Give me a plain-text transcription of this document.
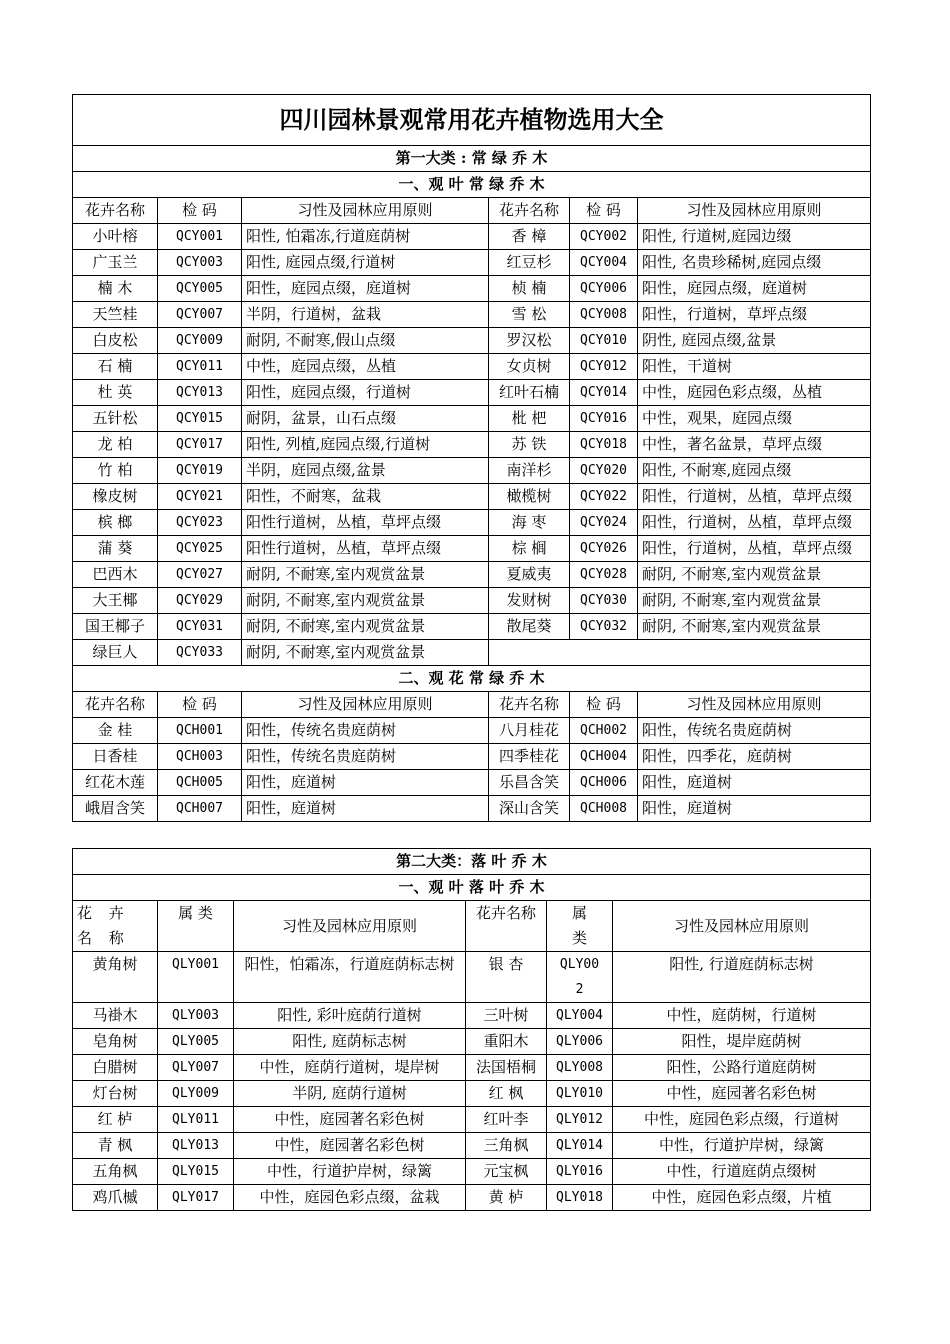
四川园林景观常用花卉植物选用大全					
第一大类 : 常 绿 乔 木					
一、观 叶 常 绿 乔 木					
花卉名称	检 码	习性及园林应用原则	花卉名称	检 码	习性及园林应用原则
小叶榕	QCY001	阳性, 怕霜冻,行道庭荫树	香 樟	QCY002	阳性, 行道树,庭园边缀
广玉兰	QCY003	阳性, 庭园点缀,行道树	红豆杉	QCY004	阳性, 名贵珍稀树,庭园点缀
楠 木	QCY005	阳性，庭园点缀，庭道树	桢 楠	QCY006	阳性，庭园点缀，庭道树
天竺桂	QCY007	半阴，行道树，盆栽	雪 松	QCY008	阳性，行道树，草坪点缀
白皮松	QCY009	耐阴, 不耐寒,假山点缀	罗汉松	QCY010	阴性, 庭园点缀,盆景
石 楠	QCY011	中性，庭园点缀，丛植	女贞树	QCY012	阳性，干道树
杜 英	QCY013	阳性，庭园点缀，行道树	红叶石楠	QCY014	中性，庭园色彩点缀，丛植
五针松	QCY015	耐阴，盆景，山石点缀	枇 杷	QCY016	中性，观果，庭园点缀
龙 柏	QCY017	阳性, 列植,庭园点缀,行道树	苏 铁	QCY018	中性，著名盆景，草坪点缀
竹 柏	QCY019	半阴，庭园点缀,盆景	南洋杉	QCY020	阳性, 不耐寒,庭园点缀
橡皮树	QCY021	阳性，不耐寒，盆栽	橄榄树	QCY022	阳性，行道树，丛植，草坪点缀
槟 榔	QCY023	阳性行道树，丛植，草坪点缀	海 枣	QCY024	阳性，行道树，丛植，草坪点缀
蒲 葵	QCY025	阳性行道树，丛植，草坪点缀	棕 榈	QCY026	阳性，行道树，丛植，草坪点缀
巴西木	QCY027	耐阴, 不耐寒,室内观赏盆景	夏威夷	QCY028	耐阴, 不耐寒,室内观赏盆景
大王椰	QCY029	耐阴, 不耐寒,室内观赏盆景	发财树	QCY030	耐阴, 不耐寒,室内观赏盆景
国王椰子	QCY031	耐阴, 不耐寒,室内观赏盆景	散尾葵	QCY032	耐阴, 不耐寒,室内观赏盆景
绿巨人	QCY033	耐阴, 不耐寒,室内观赏盆景			
二、观 花 常 绿 乔 木					
花卉名称	检 码	习性及园林应用原则	花卉名称	检 码	习性及园林应用原则
金 桂	QCH001	阳性，传统名贵庭荫树	八月桂花	QCH002	阳性，传统名贵庭荫树
日香桂	QCH003	阳性，传统名贵庭荫树	四季桂花	QCH004	阳性，四季花，庭荫树
红花木莲	QCH005	阳性，庭道树	乐昌含笑	QCH006	阳性，庭道树
峨眉含笑	QCH007	阳性，庭道树	深山含笑	QCH008	阳性，庭道树
第二大类：落 叶 乔 木					
一、观 叶 落 叶 乔 木					
花 卉 名 称	属 类	习性及园林应用原则	花卉名称	属 类	习性及园林应用原则
黄角树	QLY001	阳性，怕霜冻，行道庭荫标志树	银 杏	QLY002	阳性, 行道庭荫标志树
马褂木	QLY003	阳性, 彩叶庭荫行道树	三叶树	QLY004	中性，庭荫树，行道树
皂角树	QLY005	阳性, 庭荫标志树	重阳木	QLY006	阳性，堤岸庭荫树
白腊树	QLY007	中性，庭荫行道树，堤岸树	法国梧桐	QLY008	阳性，公路行道庭荫树
灯台树	QLY009	半阴, 庭荫行道树	红 枫	QLY010	中性，庭园著名彩色树
红 栌	QLY011	中性，庭园著名彩色树	红叶李	QLY012	中性，庭园色彩点缀，行道树
青 枫	QLY013	中性，庭园著名彩色树	三角枫	QLY014	中性，行道护岸树，绿篱
五角枫	QLY015	中性，行道护岸树，绿篱	元宝枫	QLY016	中性，行道庭荫点缀树
鸡爪槭	QLY017	中性，庭园色彩点缀，盆栽	黄 栌	QLY018	中性，庭园色彩点缀，片植
